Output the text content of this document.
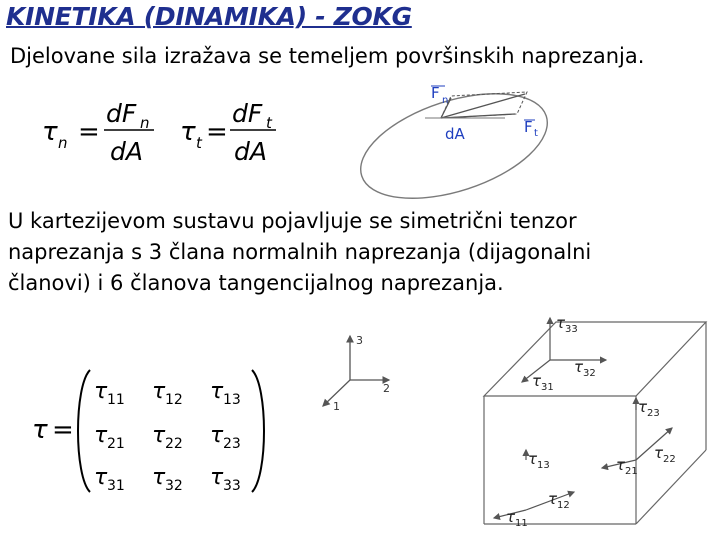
KINETIKA (DINAMIKA) - ZOKG
Djelovane sila izražava se temeljem površinskih naprezanja.
τ n =
dF n
dA
τ t =
dF t
dA
F n
dA	F t
U kartezijevom sustavu pojavljuje se simetrični tenzor naprezanja s 3 člana normalnih naprezanja (dijagonalni članovi) i 6 članova tangencijalnog naprezanja.
τ =
τ 11 τ 12 τ 13
τ 21 τ 22 τ 23
τ 31 τ 32 τ 33
3
2
1
τ 33
τ 32
τ 31
τ 23
τ 22
τ 13	τ 21
τ 12
τ 11
